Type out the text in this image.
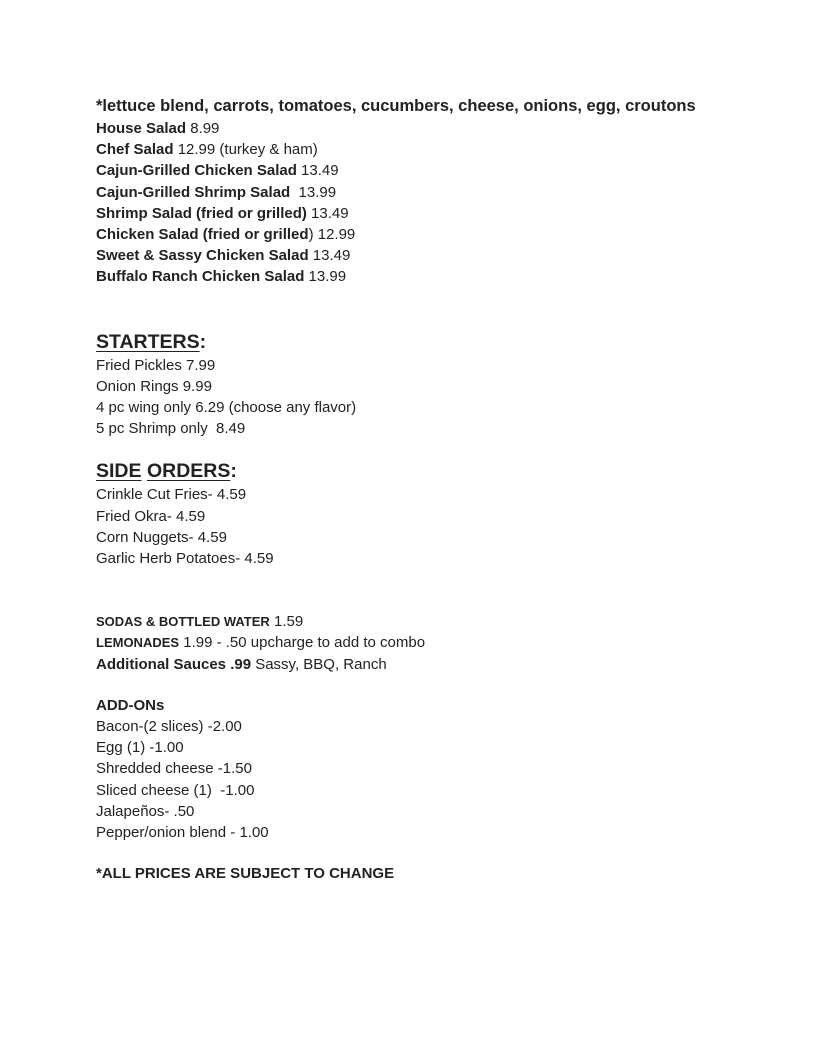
*lettuce blend, carrots, tomatoes, cucumbers, cheese, onions, egg, croutons
House Salad 8.99
Chef Salad 12.99 (turkey & ham)
Cajun-Grilled Chicken Salad 13.49
Cajun-Grilled Shrimp Salad  13.99
Shrimp Salad (fried or grilled) 13.49
Chicken Salad (fried or grilled) 12.99
Sweet & Sassy Chicken Salad 13.49
Buffalo Ranch Chicken Salad 13.99
STARTERS:
Fried Pickles 7.99
Onion Rings 9.99
4 pc wing only 6.29 (choose any flavor)
5 pc Shrimp only  8.49
SIDE ORDERS:
Crinkle Cut Fries- 4.59
Fried Okra- 4.59
Corn Nuggets- 4.59
Garlic Herb Potatoes- 4.59
SODAS & BOTTLED WATER 1.59
LEMONADES 1.99 - .50 upcharge to add to combo
Additional Sauces .99 Sassy, BBQ, Ranch
ADD-ONs
Bacon-(2 slices) -2.00
Egg (1) -1.00
Shredded cheese -1.50
Sliced cheese (1)  -1.00
Jalapeños- .50
Pepper/onion blend - 1.00
*ALL PRICES ARE SUBJECT TO CHANGE
